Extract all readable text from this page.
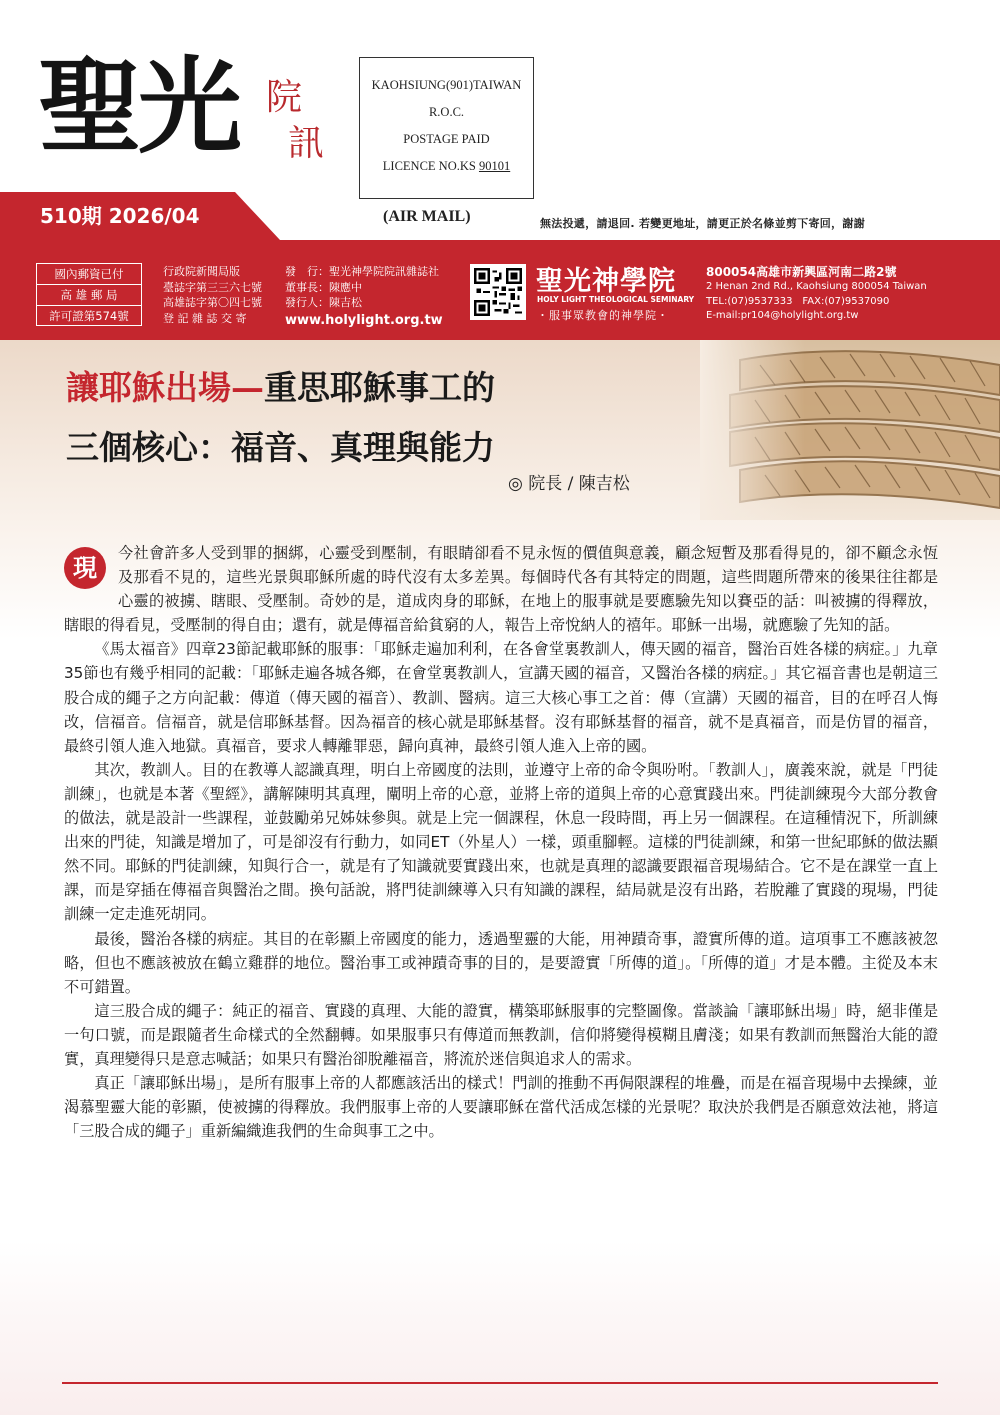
聖光 院
訊
KAOHSIUNG(901)TAIWAN
R.O.C.
POSTAGE PAID
LICENCE NO.KS 90101
(AIR MAIL)	無法投遞，請退回. 若變更地址，請更正於名條並剪下寄回，謝謝
510期 2026/04
國內郵資已付
高 雄 郵 局
許可證第574號
行政院新聞局版
臺誌字第三三六七號
高雄誌字第〇四七號
登 記 雜 誌 交 寄
發　行：聖光神學院院訊雜誌社
董事長：陳應中
發行人：陳吉松
www.holylight.org.tw
聖光神學院
HOLY LIGHT THEOLOGICAL SEMINARY
・服事眾教會的神學院・
800054高雄市新興區河南二路2號
2 Henan 2nd Rd., Kaohsiung 800054 Taiwan
TEL:(07)9537333　FAX:(07)9537090
E-mail:pr104@holylight.org.tw
讓耶穌出場—重思耶穌事工的
三個核心：福音、真理與能力
◎ 院長 / 陳吉松

現
今社會許多人受到罪的捆綁，心靈受到壓制，有眼睛卻看不見永恆的價值與意義，顧念短暫及那看得見的，卻不顧念永恆及那看不見的，這些光景與耶穌所處的時代沒有太多差異。每個時代各有其特定的問題，這些問題所帶來的後果往往都是心靈的被擄、瞎眼、受壓制。奇妙的是，道成肉身的耶穌，在地上的服事就是要應驗先知以賽亞的話：叫被擄的得釋放，瞎眼的得看見，受壓制的得自由；還有，就是傳福音給貧窮的人，報告上帝悅納人的禧年。耶穌一出場，就應驗了先知的話。

《馬太福音》四章23節記載耶穌的服事：「耶穌走遍加利利，在各會堂裏教訓人，傳天國的福音，醫治百姓各樣的病症。」九章35節也有幾乎相同的記載：「耶穌走遍各城各鄉，在會堂裏教訓人，宣講天國的福音，又醫治各樣的病症。」其它福音書也是朝這三股合成的繩子之方向記載：傳道（傳天國的福音）、教訓、醫病。這三大核心事工之首：傳（宣講）天國的福音，目的在呼召人悔改，信福音。信福音，就是信耶穌基督。因為福音的核心就是耶穌基督。沒有耶穌基督的福音，就不是真福音，而是仿冒的福音，最終引領人進入地獄。真福音，要求人轉離罪惡，歸向真神，最終引領人進入上帝的國。

其次，教訓人。目的在教導人認識真理，明白上帝國度的法則，並遵守上帝的命令與吩咐。「教訓人」，廣義來說，就是「門徒訓練」，也就是本著《聖經》，講解陳明其真理，闡明上帝的心意，並將上帝的道與上帝的心意實踐出來。門徒訓練現今大部分教會的做法，就是設計一些課程，並鼓勵弟兄姊妹參與。就是上完一個課程，休息一段時間，再上另一個課程。在這種情況下，所訓練出來的門徒，知識是增加了，可是卻沒有行動力，如同ET（外星人）一樣，頭重腳輕。這樣的門徒訓練，和第一世紀耶穌的做法顯然不同。耶穌的門徒訓練，知與行合一，就是有了知識就要實踐出來，也就是真理的認識要跟福音現場結合。它不是在課堂一直上課，而是穿插在傳福音與醫治之間。換句話說，將門徒訓練導入只有知識的課程，結局就是沒有出路，若脫離了實踐的現場，門徒訓練一定走進死胡同。

最後，醫治各樣的病症。其目的在彰顯上帝國度的能力，透過聖靈的大能，用神蹟奇事，證實所傳的道。這項事工不應該被忽略，但也不應該被放在鶴立雞群的地位。醫治事工或神蹟奇事的目的，是要證實「所傳的道」。「所傳的道」才是本體。主從及本末不可錯置。

這三股合成的繩子：純正的福音、實踐的真理、大能的證實，構築耶穌服事的完整圖像。當談論「讓耶穌出場」時，絕非僅是一句口號，而是跟隨者生命樣式的全然翻轉。如果服事只有傳道而無教訓，信仰將變得模糊且膚淺；如果有教訓而無醫治大能的證實，真理變得只是意志喊話；如果只有醫治卻脫離福音，將流於迷信與追求人的需求。

真正「讓耶穌出場」，是所有服事上帝的人都應該活出的樣式！門訓的推動不再侷限課程的堆疊，而是在福音現場中去操練，並渴慕聖靈大能的彰顯，使被擄的得釋放。我們服事上帝的人要讓耶穌在當代活成怎樣的光景呢？取決於我們是否願意效法祂，將這「三股合成的繩子」重新編織進我們的生命與事工之中。
